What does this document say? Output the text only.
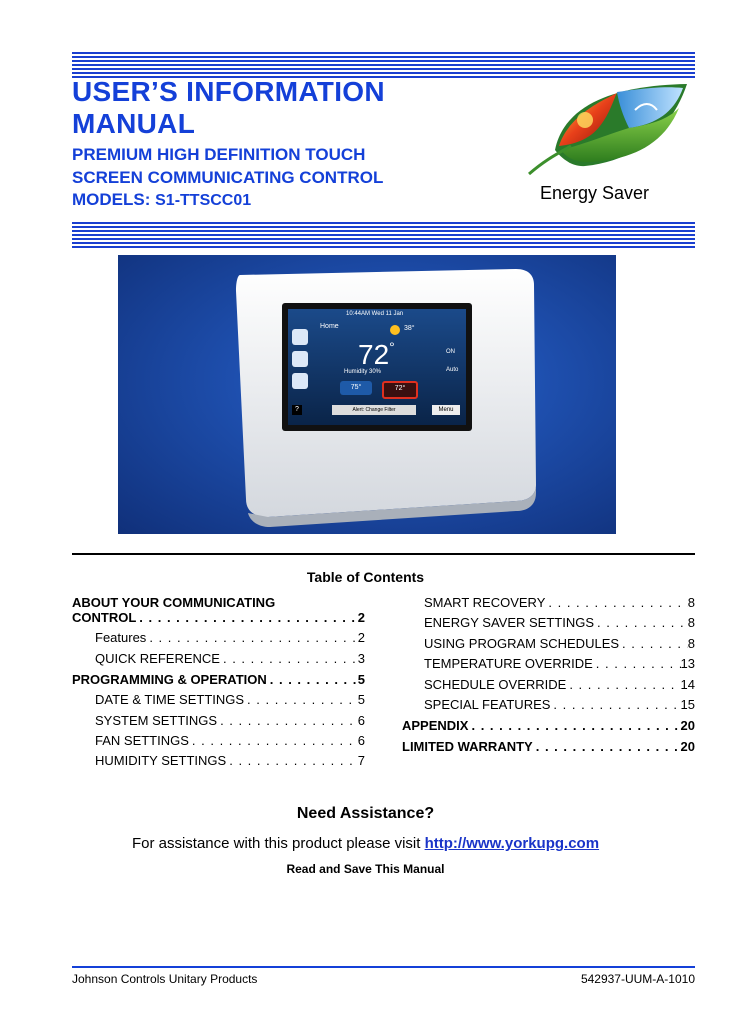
USER’S INFORMATION
MANUAL
PREMIUM HIGH DEFINITION TOUCH
SCREEN COMMUNICATING CONTROL
MODELS: S1-TTSCC01	Energy Saver
10:44AM Wed 11 Jan
Home	38°
72°
Humidity 30%
75°	72°
ON
Auto
?	Alert: Change Filter	Menu
Table of Contents
ABOUT YOUR COMMUNICATING
CONTROL . . .	2
Features . . .	2
QUICK REFERENCE . . .	3
PROGRAMMING & OPERATION . . .	5
DATE & TIME SETTINGS . . .	5
SYSTEM SETTINGS . . .	6
FAN SETTINGS . . .	6
HUMIDITY SETTINGS . . .	7
SMART RECOVERY . . .	8
ENERGY SAVER SETTINGS . . .	8
USING PROGRAM SCHEDULES . . .	8
TEMPERATURE OVERRIDE . . .	13
SCHEDULE OVERRIDE . . .	14
SPECIAL FEATURES . . .	15
APPENDIX . . .	20
LIMITED WARRANTY . . .	20
Need Assistance?
For assistance with this product please visit http://www.yorkupg.com
Read and Save This Manual
Johnson Controls Unitary Products	542937-UUM-A-1010
